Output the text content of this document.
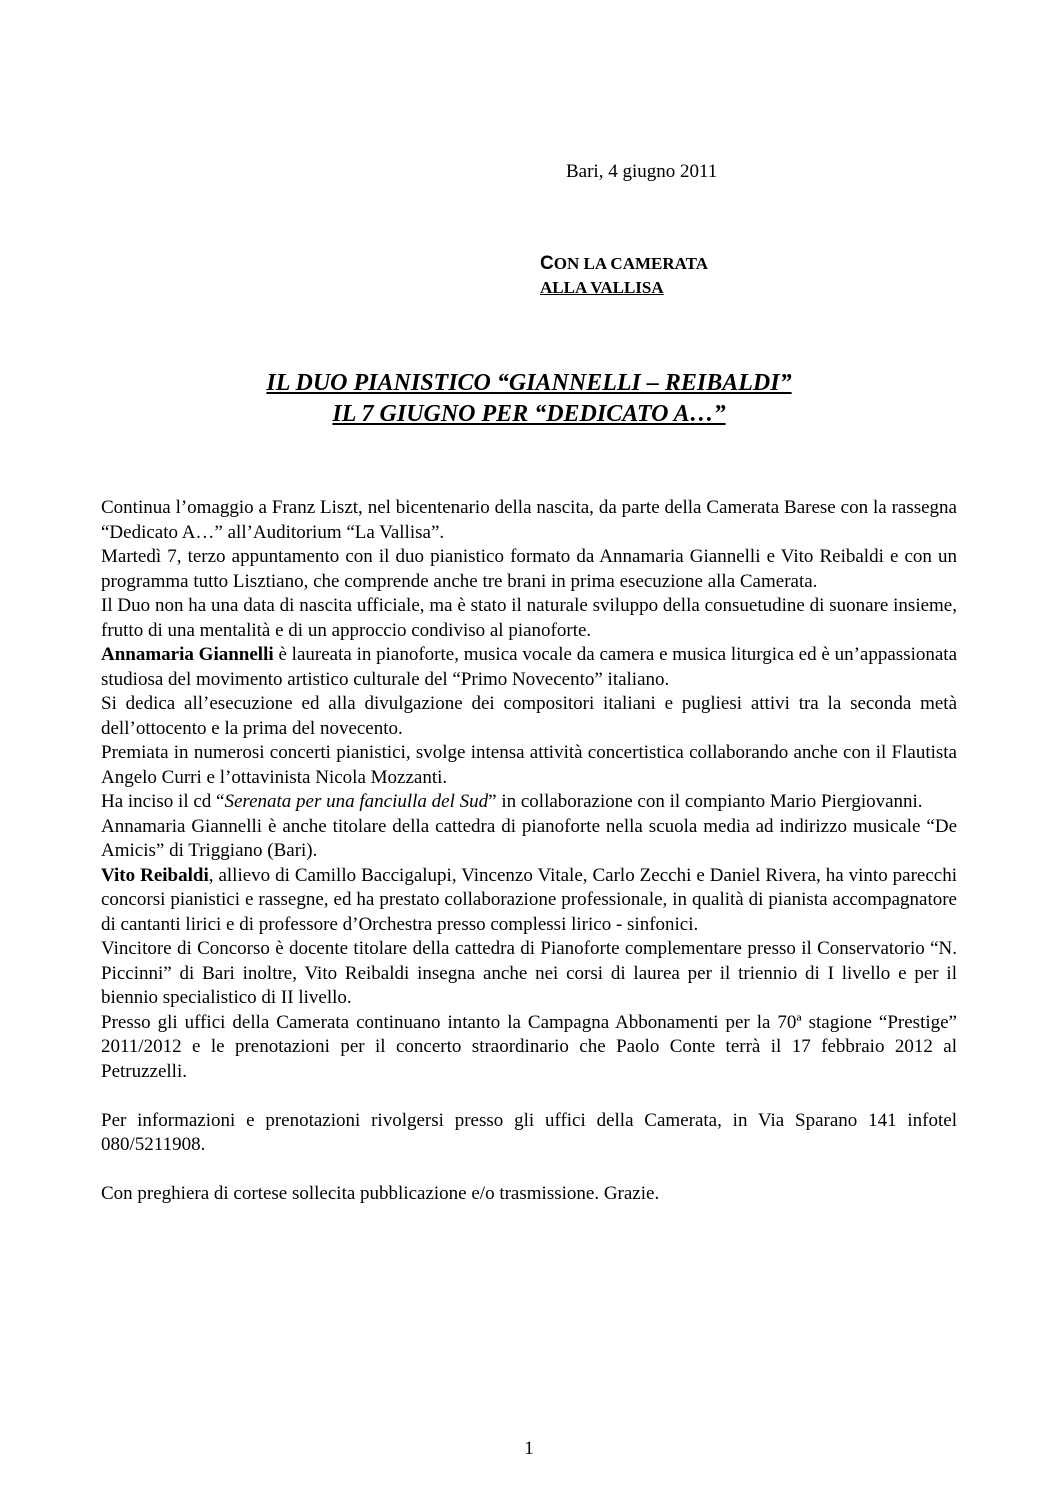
Bari, 4 giugno 2011
CON LA CAMERATA
ALLA VALLISA
IL DUO PIANISTICO “GIANNELLI – REIBALDI”
IL 7 GIUGNO PER “DEDICATO A…”

Continua l’omaggio a Franz Liszt, nel bicentenario della nascita, da parte della Camerata Barese con la rassegna “Dedicato A…” all’Auditorium “La Vallisa”.

Martedì 7, terzo appuntamento con il duo pianistico formato da Annamaria Giannelli e Vito Reibaldi e con un programma tutto Lisztiano, che comprende anche tre brani in prima esecuzione alla Camerata.

Il Duo non ha una data di nascita ufficiale, ma è stato il naturale sviluppo della consuetudine di suonare insieme, frutto di una mentalità e di un approccio condiviso al pianoforte.

Annamaria Giannelli è laureata in pianoforte, musica vocale da camera e musica liturgica ed è un’appassionata studiosa del movimento artistico culturale del “Primo Novecento” italiano.

Si dedica all’esecuzione ed alla divulgazione dei compositori italiani e pugliesi attivi tra la seconda metà dell’ottocento e la prima del novecento.

Premiata in numerosi concerti pianistici, svolge intensa attività concertistica collaborando anche con il Flautista Angelo Curri e l’ottavinista Nicola Mozzanti.

Ha inciso il cd “Serenata per una fanciulla del Sud” in collaborazione con il compianto Mario Piergiovanni.

Annamaria Giannelli è anche titolare della cattedra di pianoforte nella scuola media ad indirizzo musicale “De Amicis” di Triggiano (Bari).

Vito Reibaldi, allievo di Camillo Baccigalupi, Vincenzo Vitale, Carlo Zecchi e Daniel Rivera, ha vinto parecchi concorsi pianistici e rassegne, ed ha prestato collaborazione professionale, in qualità di pianista accompagnatore di cantanti lirici e di professore d’Orchestra presso complessi lirico - sinfonici.

Vincitore di Concorso è docente titolare della cattedra di Pianoforte complementare presso il Conservatorio “N. Piccinni” di Bari inoltre, Vito Reibaldi insegna anche nei corsi di laurea per il triennio di I livello e per il biennio specialistico di II livello.

Presso gli uffici della Camerata continuano intanto la Campagna Abbonamenti per la 70ª stagione “Prestige” 2011/2012 e le prenotazioni per il concerto straordinario che Paolo Conte terrà il 17 febbraio 2012 al Petruzzelli.

Per informazioni e prenotazioni rivolgersi presso gli uffici della Camerata, in Via Sparano 141 infotel 080/5211908.

Con preghiera di cortese sollecita pubblicazione e/o trasmissione. Grazie.

1
